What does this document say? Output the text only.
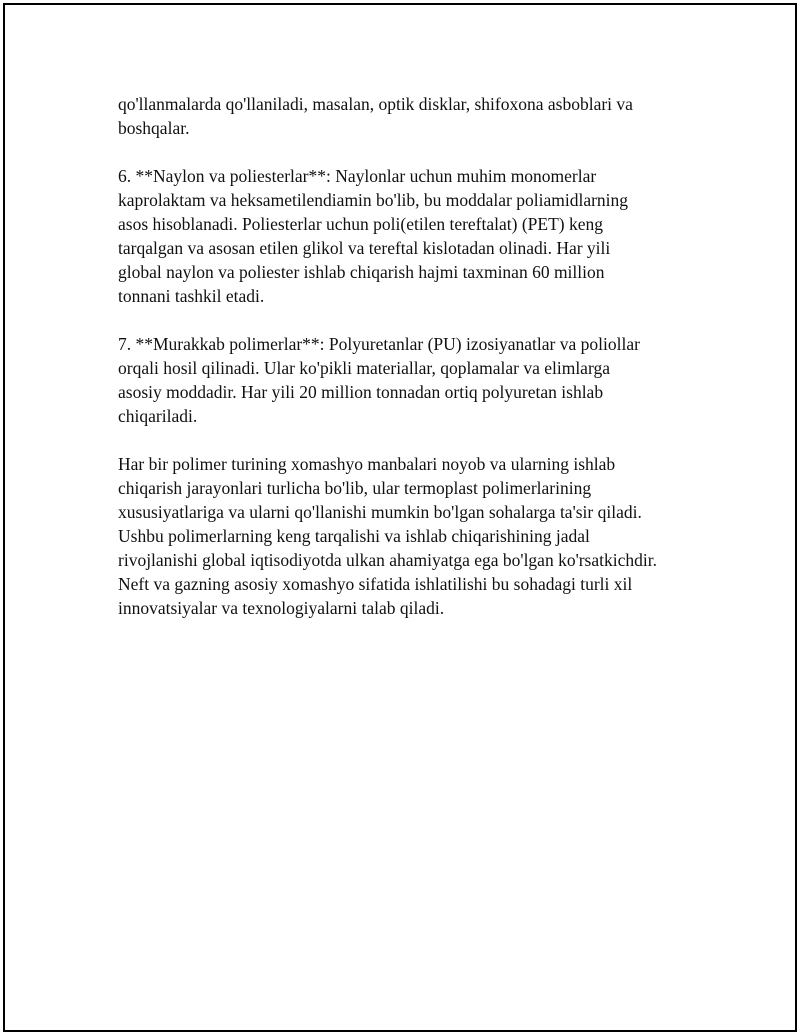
qo'llanmalarda qo'llaniladi, masalan, optik disklar, shifoxona asboblari va
boshqalar.

6. **Naylon va poliesterlar**: Naylonlar uchun muhim monomerlar
kaprolaktam va heksametilendiamin bo'lib, bu moddalar poliamidlarning
asos hisoblanadi. Poliesterlar uchun poli(etilen tereftalat) (PET) keng
tarqalgan va asosan etilen glikol va tereftal kislotadan olinadi. Har yili
global naylon va poliester ishlab chiqarish hajmi taxminan 60 million
tonnani tashkil etadi.

7. **Murakkab polimerlar**: Polyuretanlar (PU) izosiyanatlar va poliollar
orqali hosil qilinadi. Ular ko'pikli materiallar, qoplamalar va elimlarga
asosiy moddadir. Har yili 20 million tonnadan ortiq polyuretan ishlab
chiqariladi.

Har bir polimer turining xomashyo manbalari noyob va ularning ishlab
chiqarish jarayonlari turlicha bo'lib, ular termoplast polimerlarining
xususiyatlariga va ularni qo'llanishi mumkin bo'lgan sohalarga ta'sir qiladi.
Ushbu polimerlarning keng tarqalishi va ishlab chiqarishining jadal
rivojlanishi global iqtisodiyotda ulkan ahamiyatga ega bo'lgan ko'rsatkichdir.
Neft va gazning asosiy xomashyo sifatida ishlatilishi bu sohadagi turli xil
innovatsiyalar va texnologiyalarni talab qiladi.
